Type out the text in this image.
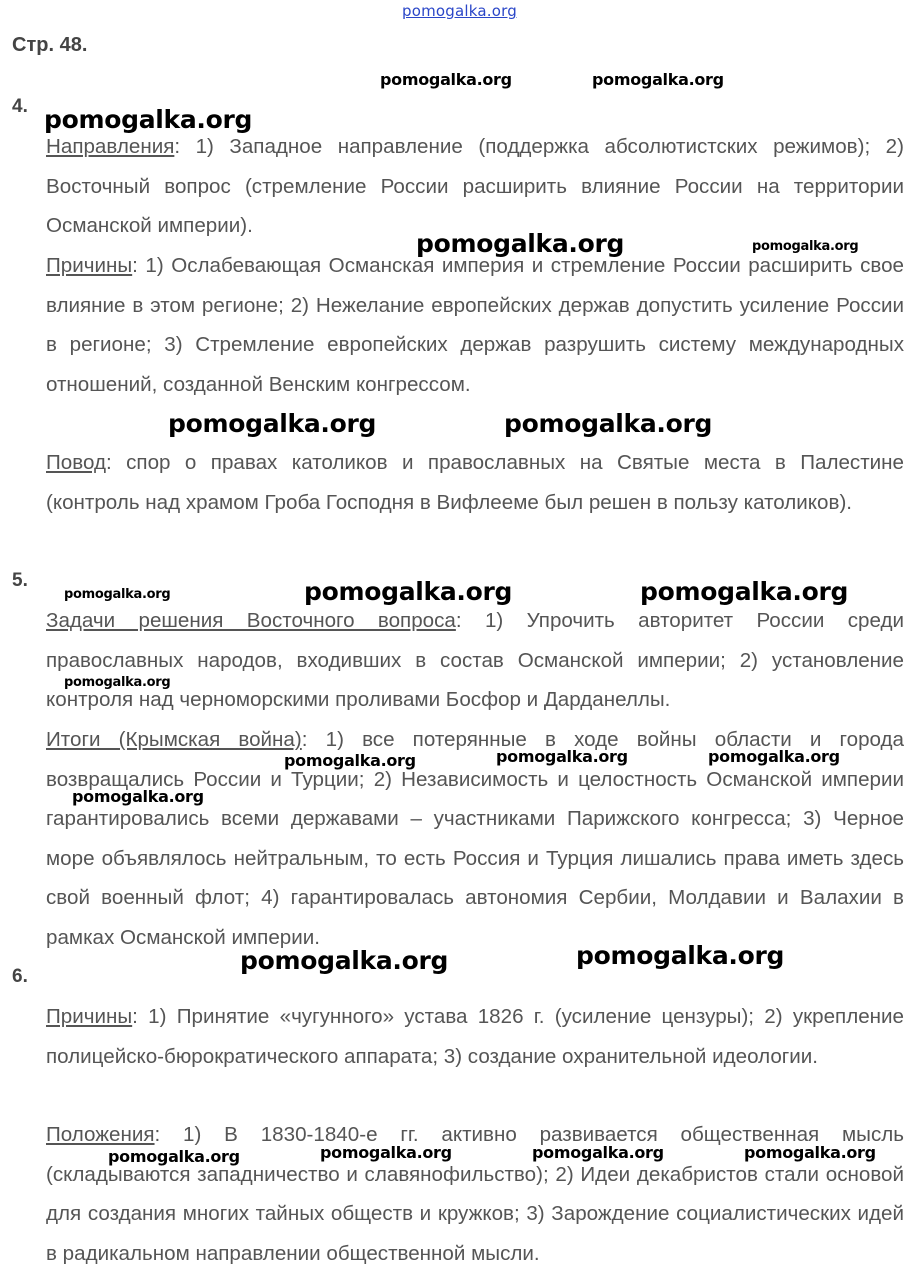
pomogalka.org
Стр. 48.
4.

Направления: 1) Западное направление (поддержка абсолютистских режимов); 2) Восточный вопрос (стремление России расширить влияние России на территории Османской империи).

Причины: 1) Ослабевающая Османская империя и стремление России расширить свое влияние в этом регионе; 2) Нежелание европейских держав допустить усиление России в регионе; 3) Стремление европейских держав разрушить систему международных отношений, созданной Венским конгрессом.

Повод: спор о правах католиков и православных на Святые места в Палестине (контроль над храмом Гроба Господня в Вифлееме был решен в пользу католиков).

5.

Задачи решения Восточного вопроса: 1) Упрочить авторитет России среди православных народов, входивших в состав Османской империи; 2) установление контроля над черноморскими проливами Босфор и Дарданеллы.

Итоги (Крымская война): 1) все потерянные в ходе войны области и города возвращались России и Турции; 2) Независимость и целостность Османской империи гарантировались всеми державами – участниками Парижского конгресса; 3) Черное море объявлялось нейтральным, то есть Россия и Турция лишались права иметь здесь свой военный флот; 4) гарантировалась автономия Сербии, Молдавии и Валахии в рамках Османской империи.

6.

Причины: 1) Принятие «чугунного» устава 1826 г. (усиление цензуры); 2) укрепление полицейско-бюрократического аппарата; 3) создание охранительной идеологии.

Положения: 1) В 1830-1840-е гг. активно развивается общественная мысль (складываются западничество и славянофильство); 2) Идеи декабристов стали основой для создания многих тайных обществ и кружков; 3) Зарождение социалистических идей в радикальном направлении общественной мысли.

pomogalka.org	pomogalka.org
pomogalka.org
pomogalka.org	pomogalka.org
pomogalka.org	pomogalka.org
pomogalka.org	pomogalka.org	pomogalka.org
pomogalka.org
pomogalka.org	pomogalka.org
pomogalka.org
pomogalka.org
pomogalka.org	pomogalka.org
pomogalka.org	pomogalka.org	pomogalka.org
pomogalka.org
